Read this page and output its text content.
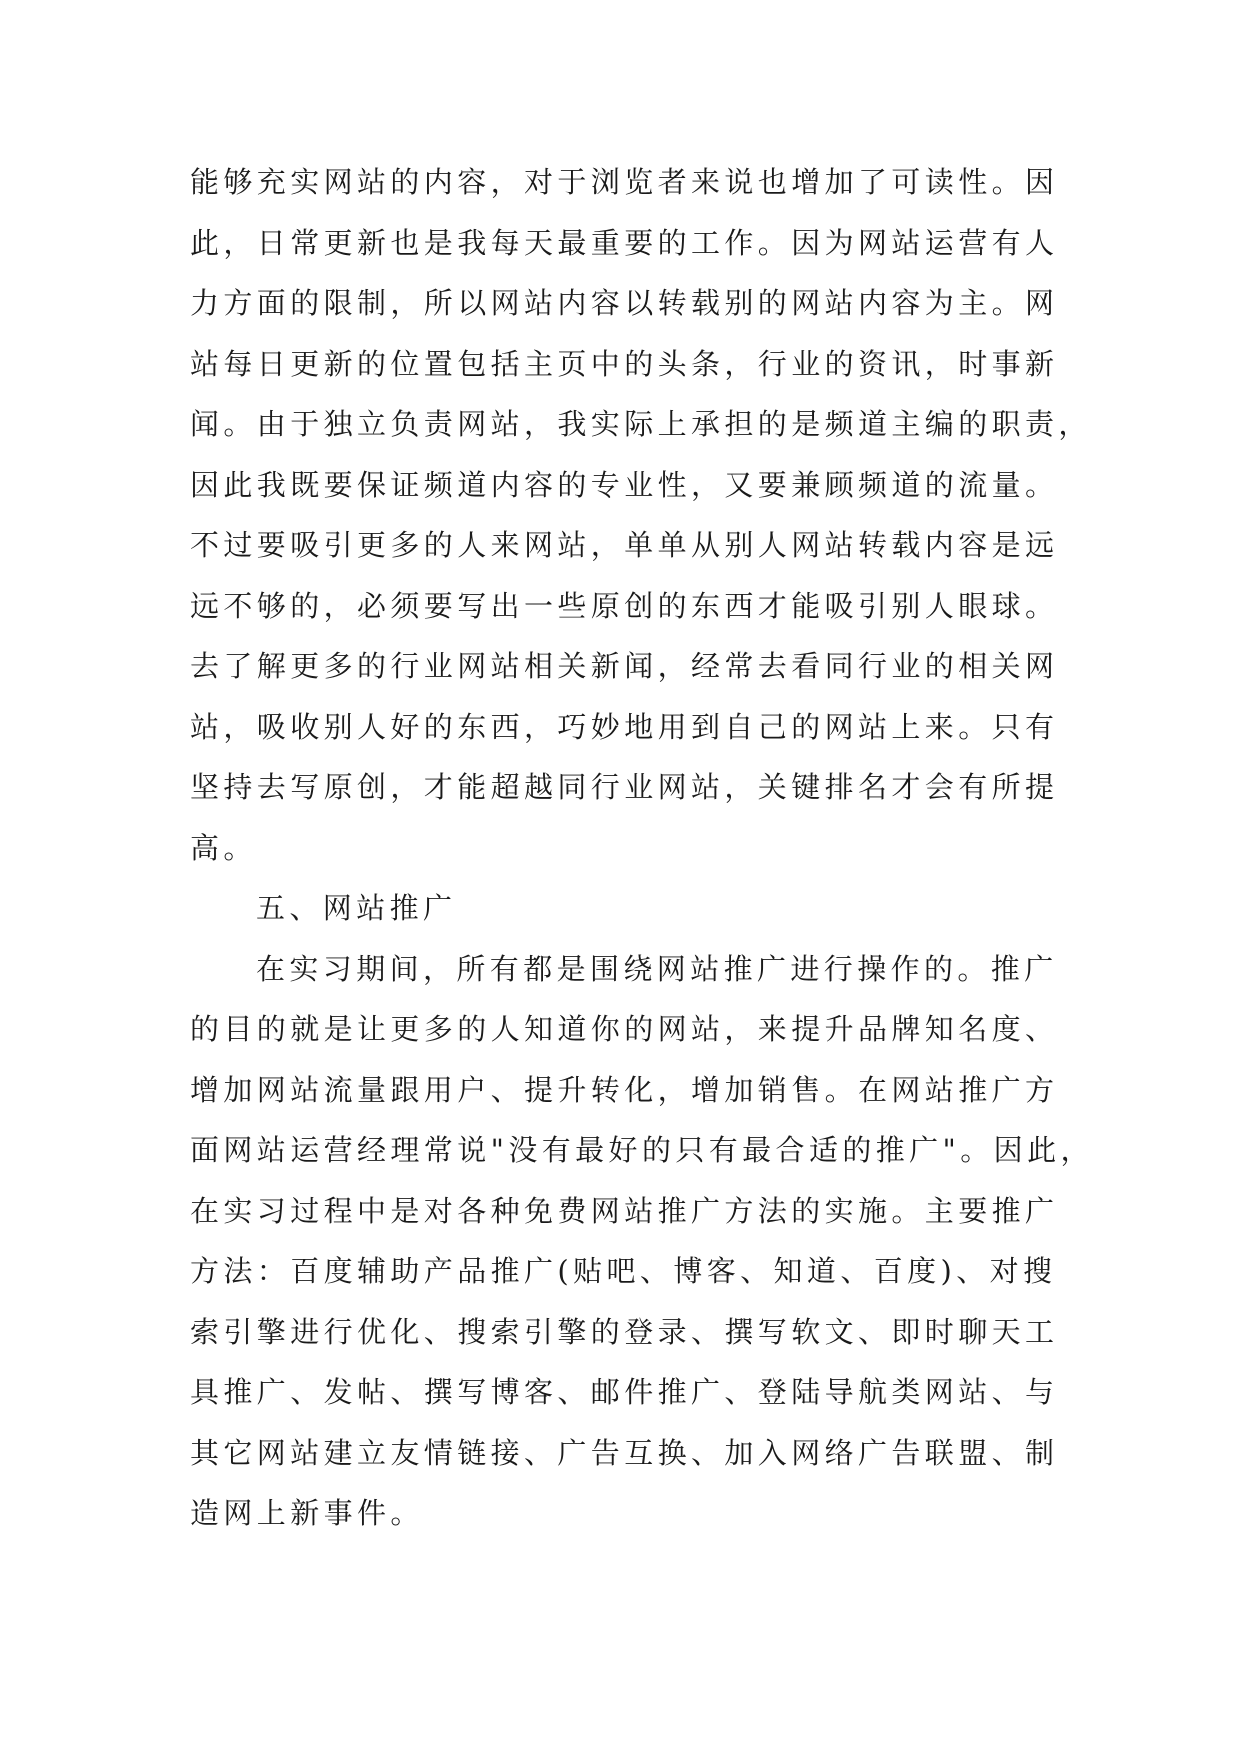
能够充实网站的内容，对于浏览者来说也增加了可读性。因
此，日常更新也是我每天最重要的工作。因为网站运营有人
力方面的限制，所以网站内容以转载别的网站内容为主。网
站每日更新的位置包括主页中的头条，行业的资讯，时事新
闻。由于独立负责网站，我实际上承担的是频道主编的职责，
因此我既要保证频道内容的专业性，又要兼顾频道的流量。
不过要吸引更多的人来网站，单单从别人网站转载内容是远
远不够的，必须要写出一些原创的东西才能吸引别人眼球。
去了解更多的行业网站相关新闻，经常去看同行业的相关网
站，吸收别人好的东西，巧妙地用到自己的网站上来。只有
坚持去写原创，才能超越同行业网站，关键排名才会有所提
高。
五、网站推广
在实习期间，所有都是围绕网站推广进行操作的。推广
的目的就是让更多的人知道你的网站，来提升品牌知名度、
增加网站流量跟用户、提升转化，增加销售。在网站推广方
面网站运营经理常说"没有最好的只有最合适的推广"。因此，
在实习过程中是对各种免费网站推广方法的实施。主要推广
方法：百度辅助产品推广(贴吧、博客、知道、百度)、对搜
索引擎进行优化、搜索引擎的登录、撰写软文、即时聊天工
具推广、发帖、撰写博客、邮件推广、登陆导航类网站、与
其它网站建立友情链接、广告互换、加入网络广告联盟、制
造网上新事件。
